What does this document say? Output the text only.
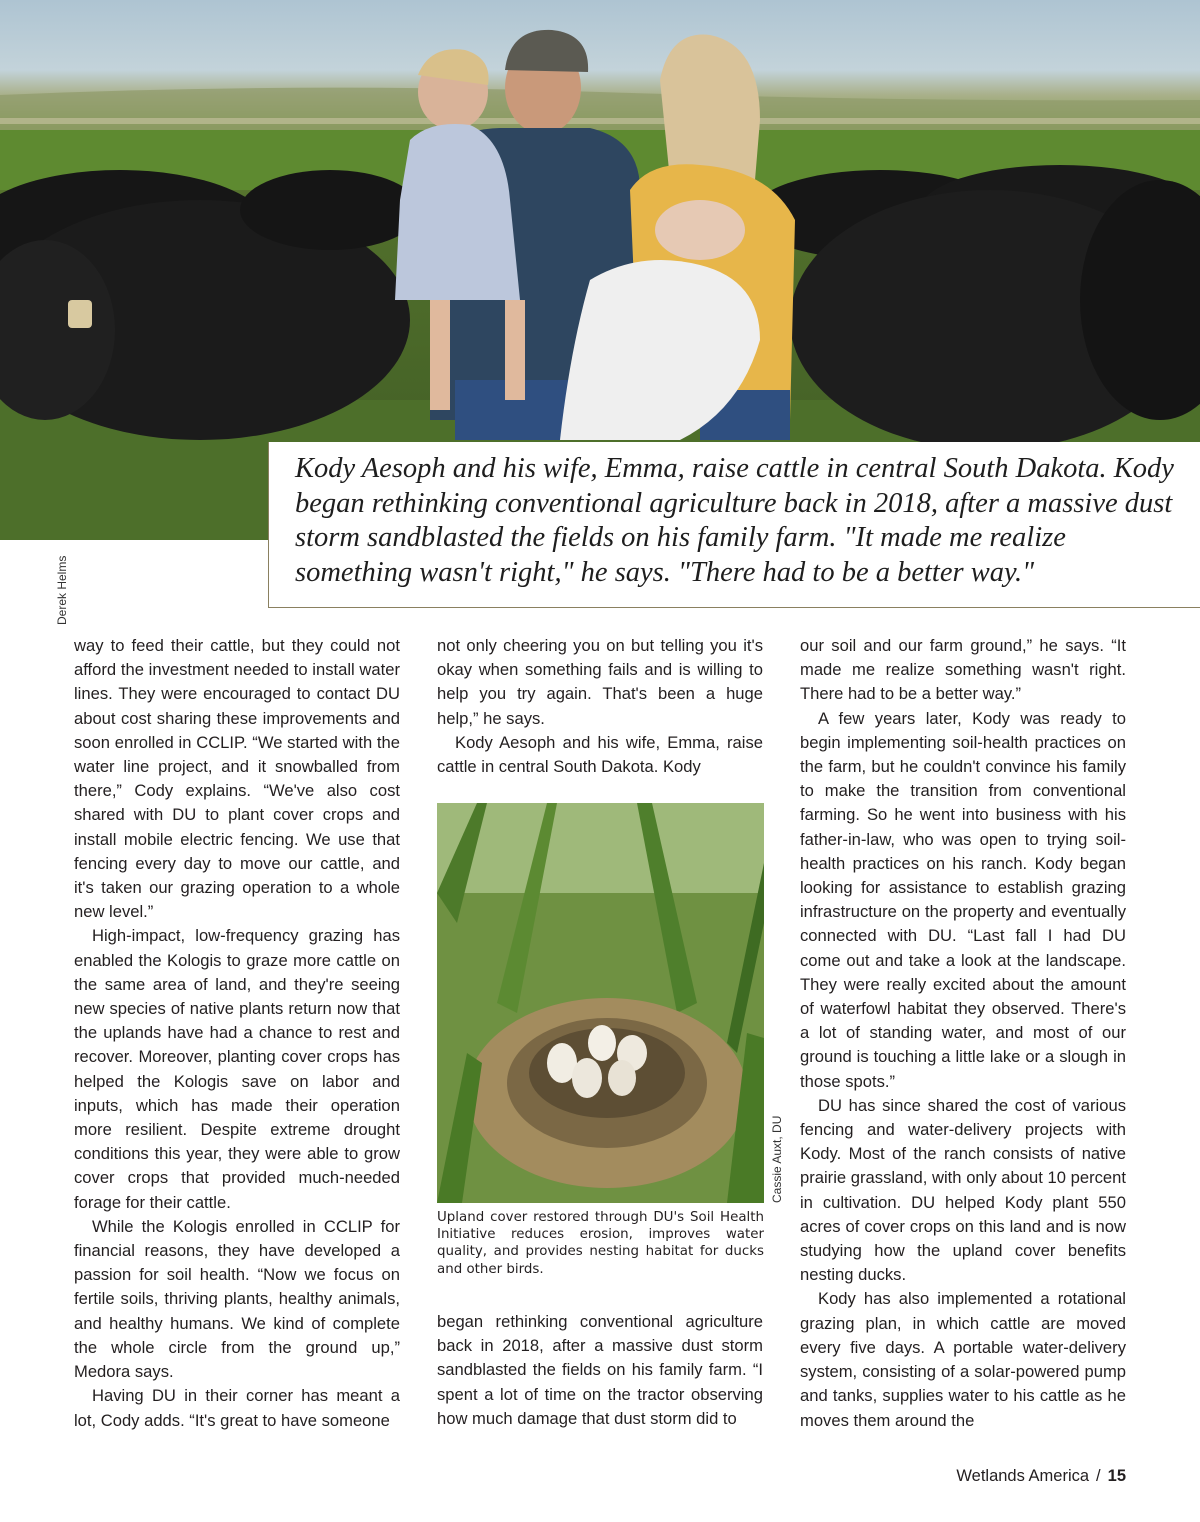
Kody Aesoph and his wife, Emma, raise cattle in central South Dakota. Kody began rethinking conventional agriculture back in 2018, after a massive dust storm sandblasted the fields on his family farm. "It made me realize something wasn't right," he says. "There had to be a better way."

Derek Helms

way to feed their cattle, but they could not afford the investment needed to install water lines. They were encouraged to contact DU about cost sharing these improvements and soon enrolled in CCLIP. “We started with the water line project, and it snowballed from there,” Cody explains. “We've also cost shared with DU to plant cover crops and install mobile electric fencing. We use that fencing every day to move our cattle, and it's taken our grazing operation to a whole new level.”

High-impact, low-frequency grazing has enabled the Kologis to graze more cattle on the same area of land, and they're seeing new species of native plants return now that the uplands have had a chance to rest and recover. Moreover, planting cover crops has helped the Kologis save on labor and inputs, which has made their operation more resilient. Despite extreme drought conditions this year, they were able to grow cover crops that provided much-needed forage for their cattle.

While the Kologis enrolled in CCLIP for financial reasons, they have developed a passion for soil health. “Now we focus on fertile soils, thriving plants, healthy animals, and healthy humans. We kind of complete the whole circle from the ground up,” Medora says.

Having DU in their corner has meant a lot, Cody adds. “It's great to have someone

not only cheering you on but telling you it's okay when something fails and is willing to help you try again. That's been a huge help,” he says.

Kody Aesoph and his wife, Emma, raise cattle in central South Dakota. Kody

Cassie Auxt, DU

Upland cover restored through DU's Soil Health Initiative reduces erosion, improves water quality, and provides nesting habitat for ducks and other birds.

began rethinking conventional agriculture back in 2018, after a massive dust storm sandblasted the fields on his family farm. “I spent a lot of time on the tractor observing how much damage that dust storm did to

our soil and our farm ground,” he says. “It made me realize something wasn't right. There had to be a better way.”

A few years later, Kody was ready to begin implementing soil-health practices on the farm, but he couldn't convince his family to make the transition from conventional farming. So he went into business with his father-in-law, who was open to trying soil-health practices on his ranch. Kody began looking for assistance to establish grazing infrastructure on the property and eventually connected with DU. “Last fall I had DU come out and take a look at the landscape. They were really excited about the amount of waterfowl habitat they observed. There's a lot of standing water, and most of our ground is touching a little lake or a slough in those spots.”

DU has since shared the cost of various fencing and water-delivery projects with Kody. Most of the ranch consists of native prairie grassland, with only about 10 percent in cultivation. DU helped Kody plant 550 acres of cover crops on this land and is now studying how the upland cover benefits nesting ducks.

Kody has also implemented a rotational grazing plan, in which cattle are moved every five days. A portable water-delivery system, consisting of a solar-powered pump and tanks, supplies water to his cattle as he moves them around the

Wetlands America / 15
